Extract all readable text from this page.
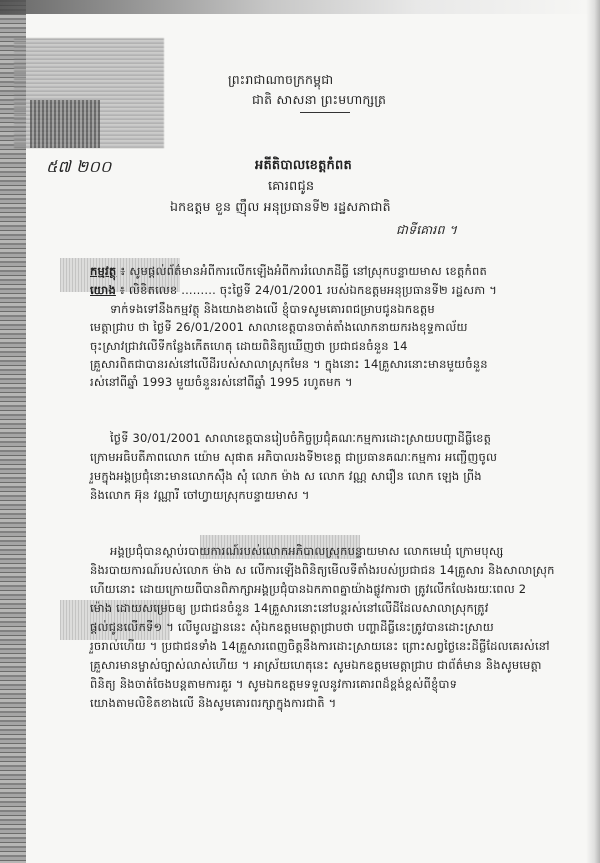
ព្រះរាជាណាចក្រកម្ពុជា
ជាតិ សាសនា ព្រះមហាក្សត្រ
៥៧ ២០០	អតីតិបាលខេត្តកំពត
គោរពជូន
ឯកឧត្តម ខួន ញ៉ឹល អនុប្រធានទី២ រដ្ឋសភាជាតិ
ជាទីគោរព ។
កម្មវត្ថុ ៖ សូមផ្តល់ព័ត៌មានអំពីការលើកឡើងអំពីការរំលោភដីធ្លី នៅស្រុកបន្ទាយមាស ខេត្តកំពត
យោង ៖ លិខិតលេខ ......... ចុះថ្ងៃទី 24/01/2001 របស់ឯកឧត្តមអនុប្រធានទី២ រដ្ឋសភា ។
ទាក់ទងទៅនឹងកម្មវត្ថុ និងយោងខាងលើ ខ្ញុំបាទសូមគោរពជម្រាបជូនឯកឧត្តម
មេត្តាជ្រាប ថា ថ្ងៃទី 26/01/2001 សាលាខេត្តបានចាត់តាំងលោកនាយករងខុទ្ទកាល័យ
ចុះស្រាវជ្រាវលើទីកន្លែងកើតហេតុ ដោយពិនិត្យឃើញថា ប្រជាជនចំនួន 14
គ្រួសារពិតជាបានរស់នៅលើដីរបស់សាលាស្រុកមែន ។ ក្នុងនោះ 14គ្រួសារនោះមានមួយចំនួន
រស់នៅពីឆ្នាំ 1993 មួយចំនួនរស់នៅពីឆ្នាំ 1995 រហូតមក ។
ថ្ងៃទី 30/01/2001 សាលាខេត្តបានរៀបចំកិច្ចប្រជុំគណៈកម្មការដោះស្រាយបញ្ហាដីធ្លីខេត្ត
ក្រោមអធិបតីភាពលោក យ៉ោម សុផាត អភិបាលរងទី២ខេត្ត ជាប្រធានគណៈកម្មការ អញ្ជើញចូល
រួមក្នុងអង្គប្រជុំនោះមានលោកស៊ឹង សុំ លោក ម៉ាង ស លោក វណ្ណ សារឿន លោក ឡេង ព្រីង
និងលោក អ៊ុន វណ្ណារី ចៅហ្វាយស្រុកបន្ទាយមាស ។
អង្គប្រជុំបានស្តាប់របាយការណ៍របស់លោកអភិបាលស្រុកបន្ទាយមាស លោកមេឃុំ ក្រោមបុស្ស
និងរបាយការណ៍របស់លោក ម៉ាង ស លើការឡើងពិនិត្យមើលទីតាំងរបស់ប្រជាជន 14គ្រួសារ និងសាលាស្រុក
ហើយនោះ ដោយក្រោយពីបានពិភាក្សាអង្គប្រជុំបានឯកភាពគ្នាយ៉ាងផ្លូវការថា ត្រូវលើកលែងរយៈពេល 2
ម៉ោង ដោយសម្រេចឲ្យ ប្រជាជនចំនួន 14គ្រួសារនោះនៅបន្តរស់នៅលើដីដែលសាលាស្រុកត្រូវ
ផ្តល់ជូនលើកទី១ ។ លើមូលដ្ឋាននេះ សុំឯកឧត្តមមេត្តាជ្រាបថា បញ្ហាដីធ្លីនេះត្រូវបានដោះស្រាយ
រួចរាល់ហើយ ។ ប្រជាជនទាំង 14គ្រួសារពេញចិត្តនឹងការដោះស្រាយនេះ ព្រោះសព្វថ្ងៃនេះដីធ្លីដែលគេរស់នៅ
គ្រួសារមានម្ចាស់ច្បាស់លាស់ហើយ ។ អាស្រ័យហេតុនេះ សូមឯកឧត្តមមេត្តាជ្រាប ជាព័ត៌មាន និងសូមមេត្តា
ពិនិត្យ និងចាត់ចែងបន្តតាមការគួរ ។ សូមឯកឧត្តមទទួលនូវការគោរពដ៏ខ្ពង់ខ្ពស់ពីខ្ញុំបាទ
យោងតាមលិខិតខាងលើ និងសូមគោរពរក្សាក្នុងការជាតិ ។
